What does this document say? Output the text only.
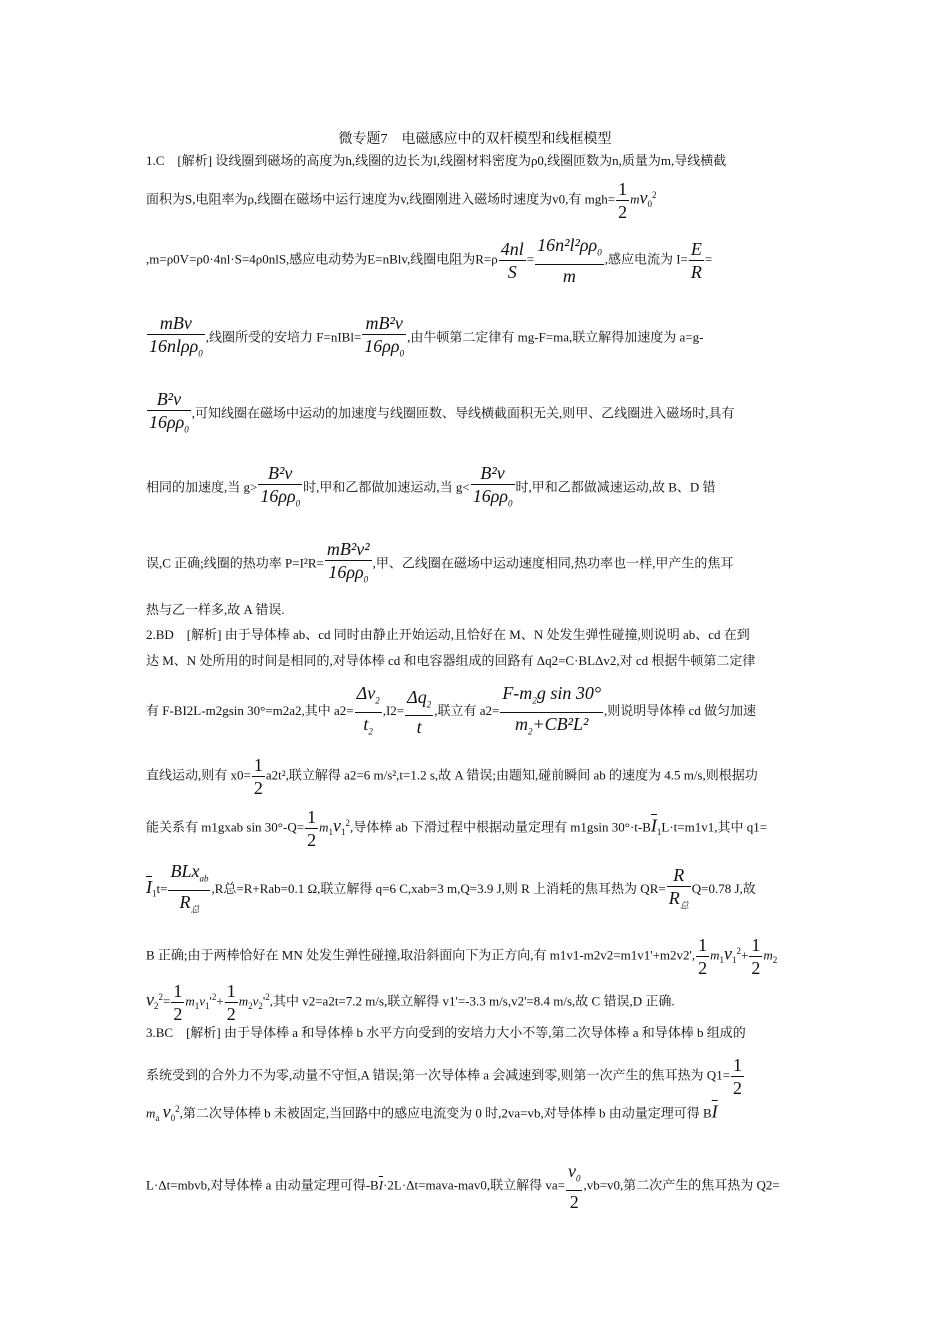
微专题7　电磁感应中的双杆模型和线框模型
1.C　[解析] 设线圈到磁场的高度为h,线圈的边长为l,线圈材料密度为ρ0,线圈匝数为n,质量为m,导线横截
面积为S,电阻率为ρ,线圈在磁场中运行速度为v,线圈刚进入磁场时速度为v0,有 $mgh= \frac{1}{2} mv_0^2$
,m=ρ0V=ρ0·4nl·S=4ρ0nlS,感应电动势为E=nBlv,线圈电阻为$R=\rho \frac{4nl}{S} = \frac{16n^2l^2\rho\rho_0}{m}$ ,感应电流为 $I= \frac{E}{R}$ =
mBv
16nlρρ$_0$
,线圈所受的安培力 F=nIBl= $\frac{\text{mB²v}}{16\rho\rho_0}$ ,由牛顿第二定律有 mg-F=ma,联立解得加速度为 a=g-
$\frac{\text{B²v}}{16\rho\rho_0}$ ,可知线圈在磁场中运动的加速度与线圈匝数、导线横截面积无关,则甲、乙线圈进入磁场时,具有
相同的加速度,当 $g> \frac{\text{B²v}}{16\rho\rho_0}$ 时,甲和乙都做加速运动,当 $g< \frac{\text{B²v}}{16\rho\rho_0}$ 时,甲和乙都做减速运动,故 B、D 错
误,C 正确;线圈的热功率 $P=I^2R= \frac{\text{mB²v²}}{16\rho\rho_0}$ ,甲、乙线圈在磁场中运动速度相同,热功率也一样,甲产生的焦耳
热与乙一样多,故 A 错误.
2.BD　[解析] 由于导体棒 ab、cd 同时由静止开始运动,且恰好在 M、N 处发生弹性碰撞,则说明 ab、cd 在到
达 M、N 处所用的时间是相同的,对导体棒 cd 和电容器组成的回路有 Δq2=C·BLΔv2,对 cd 根据牛顿第二定律
有 F-BI2L-m2gsin 30°=m2a2,其中 $a2= \frac{\Delta v_2}{t_2} ,I2= \frac{\Delta q_2}{t}$ ,联立有 $a2= \frac{F-m_2g \sin 30^\circ}{m_2+CB^2L^2}$ ,则说明导体棒 cd 做匀加速
直线运动,则有 $x0= \frac{1}{2} a2t^2$,联立解得 a2=6 m/s²,t=1.2 s,故 A 错误;由题知,碰前瞬间 ab 的速度为 4.5 m/s,则根据功
能关系有 m1gxab $\sin 30^\circ-Q= \frac{1}{2} m_1v_1^2$,导体棒 ab 下滑过程中根据动量定理有 m1gsin $30^\circ\cdot t-B\overline{I}_1L\cdot t=m1v1$,其中 q1=
$\overline{I}_1t=$
BLx$_{ab}$
$R_总$
,R总=R+Rab=0.1 Ω,联立解得 q=6 C,xab=3 m,Q=3.9 J,则 R 上消耗的焦耳热为 QR=
R
$R_总$
Q=0.78 J,故
B 正确;由于两棒恰好在 MN 处发生弹性碰撞,取沿斜面向下为正方向,有 m1v1-m2v2=m1v1'+m2v2', $\frac{1}{2} m_1v_1^2+ \frac{1}{2} m_2$
$v_2^2= \frac{1}{2} m_1v_1'^2+ \frac{1}{2} m_2v_2'^2$,其中 v2=a2t=7.2 m/s,联立解得 v1'=-3.3 m/s,v2'=8.4 m/s,故 C 错误,D 正确.
3.BC　[解析] 由于导体棒 a 和导体棒 b 水平方向受到的安培力大小不等,第二次导体棒 a 和导体棒 b 组成的
系统受到的合外力不为零,动量不守恒,A 错误;第一次导体棒 a 会减速到零,则第一次产生的焦耳热为 $Q1= \frac{1}{2}$
$m_a$ $v_0^2$,第二次导体棒 b 未被固定,当回路中的感应电流变为 0 时,2va=vb,对导体棒 b 由动量定理可得 $B\overline{I}$
L·Δt=mbvb,对导体棒 a 由动量定理可得$-B\overline{I}\cdot 2L\cdot\Delta t=mava-mav0$,联立解得 $va= \frac{v_0}{2} ,vb=v0$,第二次产生的焦耳热为 Q2=
